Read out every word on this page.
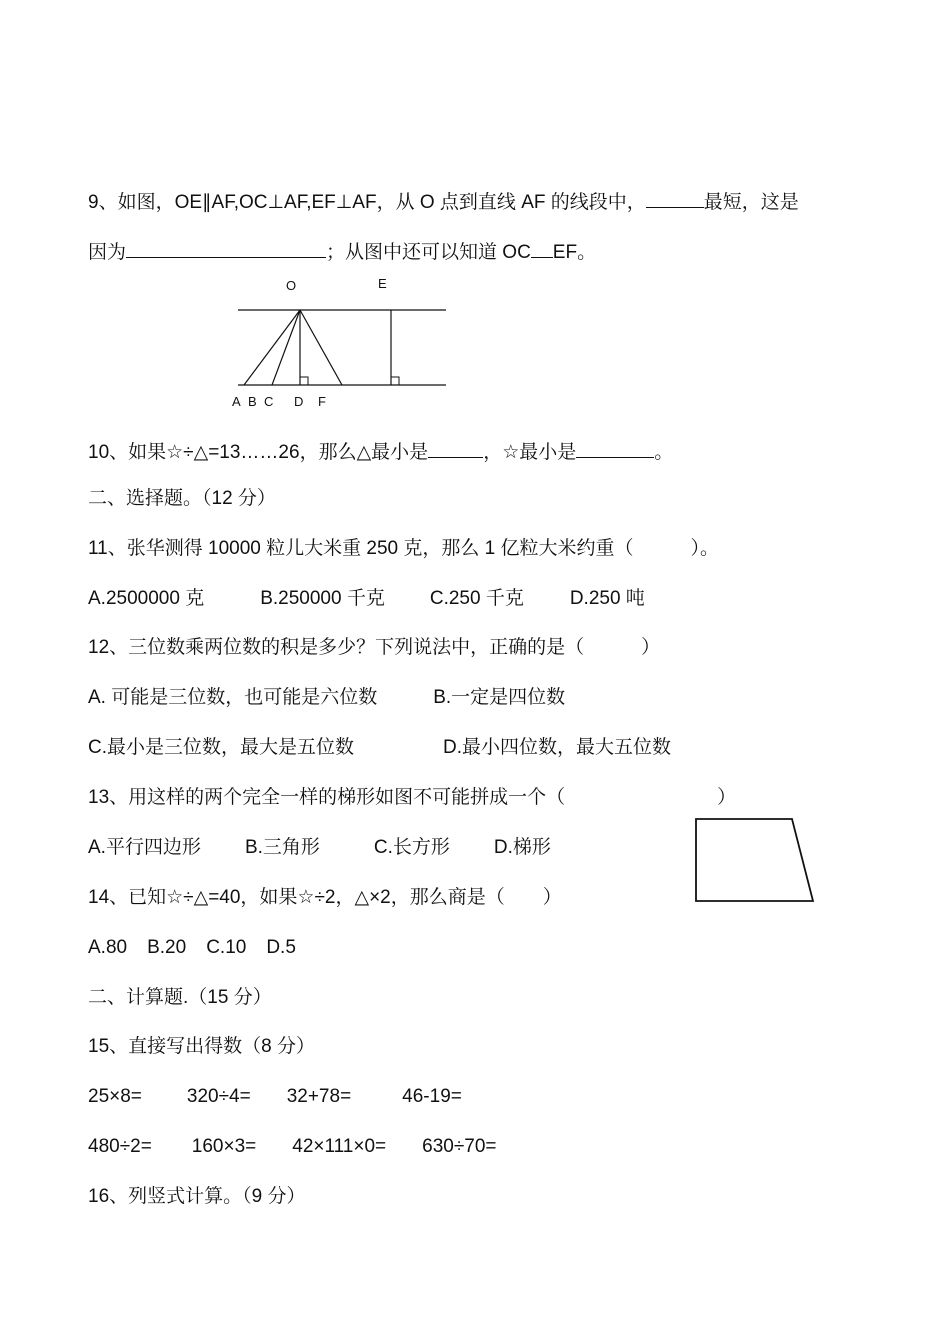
9、如图，OE∥AF,OC⊥AF,EF⊥AF，从 O 点到直线 AF 的线段中，	最短，这是
因为	；从图中还可以知道 OC EF。
O	E
A B C D F
10、如果☆÷△=13……26，那么△最小是	，☆最小是	。
二、选择题。（12 分）
11、张华测得 10000 粒儿大米重 250 克，那么 1 亿粒大米约重（　　　）。
A.2500000 克	B.250000 千克 C.250 千克 D.250 吨
12、三位数乘两位数的积是多少？下列说法中，正确的是（　　　）
A. 可能是三位数，也可能是六位数	B.一定是四位数
C.最小是三位数，最大是五位数	D.最小四位数，最大五位数
13、用这样的两个完全一样的梯形如图不可能拼成一个（	）
A.平行四边形 B.三角形	C.长方形 D.梯形
14、已知☆÷△=40，如果☆÷2，△×2，那么商是（　　）
A.80 B.20 C.10 D.5
二、计算题.（15 分）
15、直接写出得数（8 分）
25×8= 320÷4= 32+78=	46-19=
480÷2= 160×3= 42×111×0= 630÷70=
16、列竖式计算。（9 分）
